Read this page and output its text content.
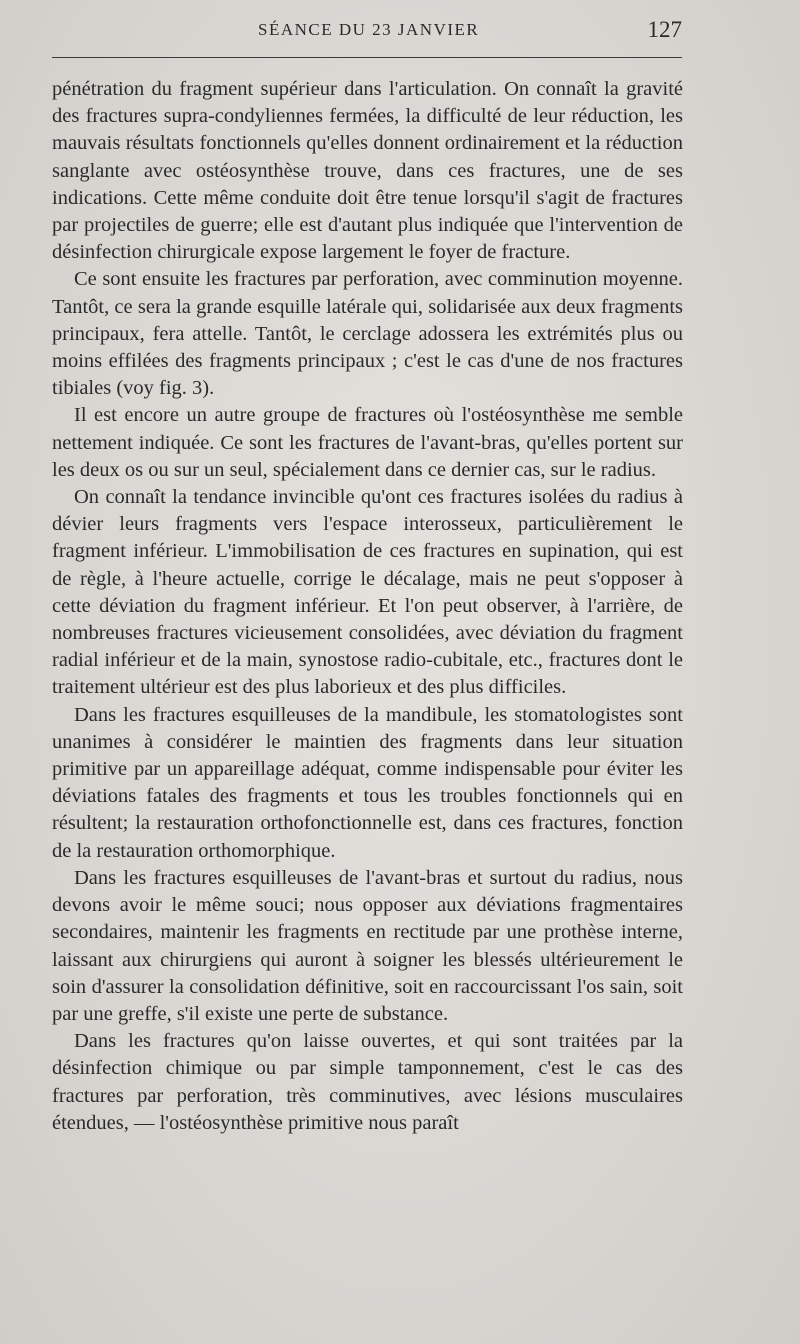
SÉANCE DU 23 JANVIER	127

pénétration du fragment supérieur dans l'articulation. On connaît la gravité des fractures supra-condyliennes fermées, la difficulté de leur réduction, les mauvais résultats fonctionnels qu'elles donnent ordinairement et la réduction sanglante avec ostéosynthèse trouve, dans ces fractures, une de ses indications. Cette même conduite doit être tenue lorsqu'il s'agit de fractures par projectiles de guerre; elle est d'autant plus indiquée que l'intervention de désinfection chirurgicale expose largement le foyer de fracture.

Ce sont ensuite les fractures par perforation, avec comminution moyenne. Tantôt, ce sera la grande esquille latérale qui, solidarisée aux deux fragments principaux, fera attelle. Tantôt, le cerclage adossera les extrémités plus ou moins effilées des fragments principaux ; c'est le cas d'une de nos fractures tibiales (voy fig. 3).

Il est encore un autre groupe de fractures où l'ostéosynthèse me semble nettement indiquée. Ce sont les fractures de l'avant-bras, qu'elles portent sur les deux os ou sur un seul, spécialement dans ce dernier cas, sur le radius.

On connaît la tendance invincible qu'ont ces fractures isolées du radius à dévier leurs fragments vers l'espace interosseux, particulièrement le fragment inférieur. L'immobilisation de ces fractures en supination, qui est de règle, à l'heure actuelle, corrige le décalage, mais ne peut s'opposer à cette déviation du fragment inférieur. Et l'on peut observer, à l'arrière, de nombreuses fractures vicieusement consolidées, avec déviation du fragment radial inférieur et de la main, synostose radio-cubitale, etc., fractures dont le traitement ultérieur est des plus laborieux et des plus difficiles.

Dans les fractures esquilleuses de la mandibule, les stomatologistes sont unanimes à considérer le maintien des fragments dans leur situation primitive par un appareillage adéquat, comme indispensable pour éviter les déviations fatales des fragments et tous les troubles fonctionnels qui en résultent; la restauration orthofonctionnelle est, dans ces fractures, fonction de la restauration orthomorphique.

Dans les fractures esquilleuses de l'avant-bras et surtout du radius, nous devons avoir le même souci; nous opposer aux déviations fragmentaires secondaires, maintenir les fragments en rectitude par une prothèse interne, laissant aux chirurgiens qui auront à soigner les blessés ultérieurement le soin d'assurer la consolidation définitive, soit en raccourcissant l'os sain, soit par une greffe, s'il existe une perte de substance.

Dans les fractures qu'on laisse ouvertes, et qui sont traitées par la désinfection chimique ou par simple tamponnement, c'est le cas des fractures par perforation, très comminutives, avec lésions musculaires étendues, — l'ostéosynthèse primitive nous paraît
